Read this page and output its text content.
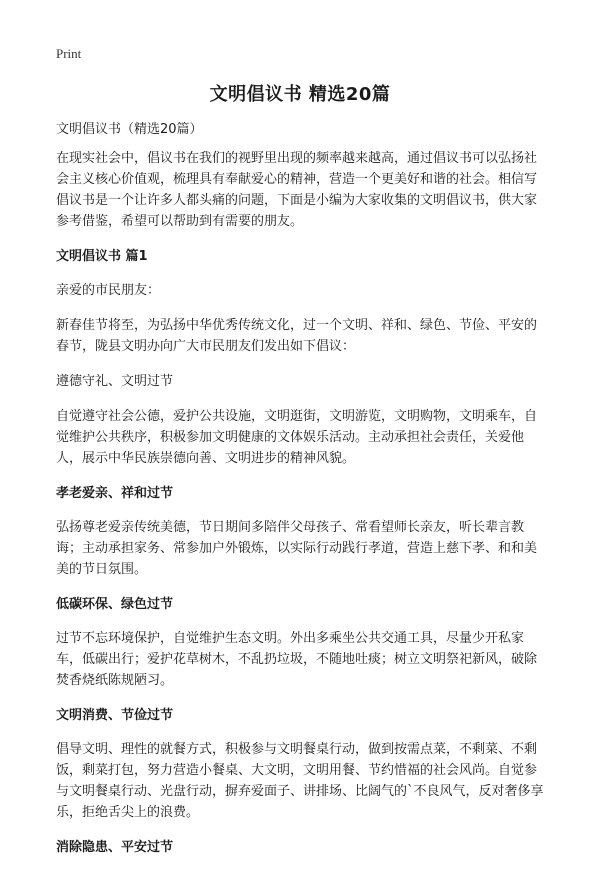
Print
文明倡议书 精选20篇

文明倡议书（精选20篇）

在现实社会中，倡议书在我们的视野里出现的频率越来越高，通过倡议书可以弘扬社会主义核心价值观，梳理具有奉献爱心的精神，营造一个更美好和谐的社会。相信写倡议书是一个让许多人都头痛的问题，下面是小编为大家收集的文明倡议书，供大家参考借鉴，希望可以帮助到有需要的朋友。

文明倡议书 篇1

亲爱的市民朋友：

新春佳节将至，为弘扬中华优秀传统文化，过一个文明、祥和、绿色、节俭、平安的春节，陇县文明办向广大市民朋友们发出如下倡议：

遵德守礼、文明过节

自觉遵守社会公德，爱护公共设施，文明逛街，文明游览，文明购物，文明乘车，自觉维护公共秩序，积极参加文明健康的文体娱乐活动。主动承担社会责任，关爱他人，展示中华民族崇德向善、文明进步的精神风貌。

孝老爱亲、祥和过节

弘扬尊老爱亲传统美德，节日期间多陪伴父母孩子、常看望师长亲友，听长辈言教诲；主动承担家务、常参加户外锻炼，以实际行动践行孝道，营造上慈下孝、和和美美的节日氛围。

低碳环保、绿色过节

过节不忘环境保护，自觉维护生态文明。外出多乘坐公共交通工具，尽量少开私家车，低碳出行；爱护花草树木，不乱扔垃圾，不随地吐痰；树立文明祭祀新风，破除焚香烧纸陈规陋习。

文明消费、节俭过节

倡导文明、理性的就餐方式，积极参与文明餐桌行动，做到按需点菜，不剩菜、不剩饭，剩菜打包，努力营造小餐桌、大文明，文明用餐、节约惜福的社会风尚。自觉参与文明餐桌行动、光盘行动，摒弃爱面子、讲排场、比阔气的`不良风气，反对奢侈享乐，拒绝舌尖上的浪费。

消除隐患、平安过节
